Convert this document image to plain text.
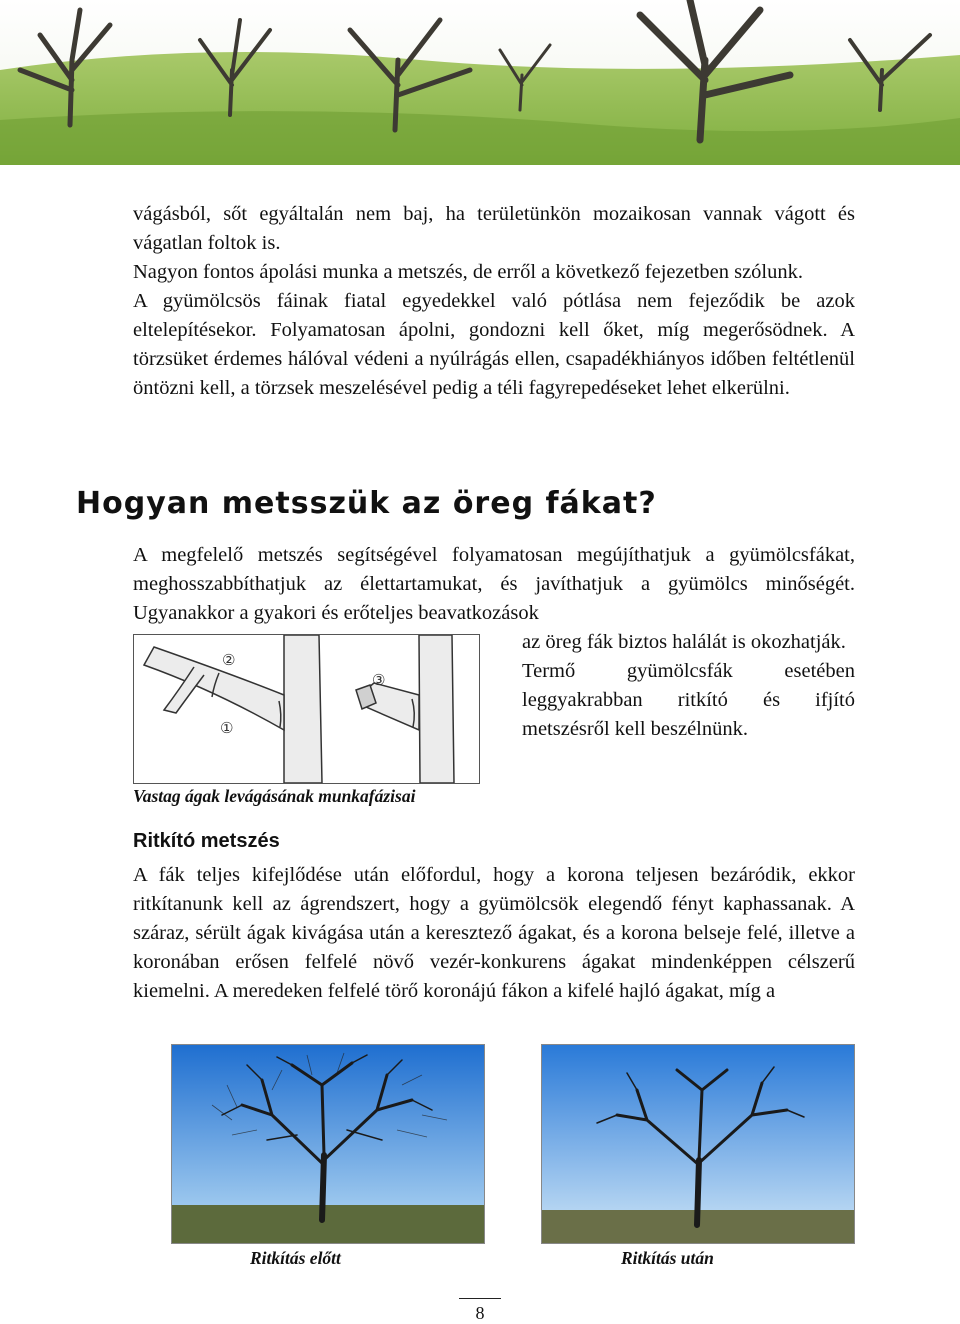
vágásból, sőt egyáltalán nem baj, ha területünkön mozaikosan vannak vágott és vágatlan foltok is.

Nagyon fontos ápolási munka a metszés, de erről a következő fejezetben szólunk.

A gyümölcsös fáinak fiatal egyedekkel való pótlása nem fejeződik be azok eltelepítésekor. Folyamatosan ápolni, gondozni kell őket, míg megerősödnek. A törzsüket érdemes hálóval védeni a nyúlrágás ellen, csapadékhiányos időben feltétlenül öntözni kell, a törzsek meszelésével pedig a téli fagyrepedéseket lehet elkerülni.

Hogyan metsszük az öreg fákat?

A megfelelő metszés segítségével folyamatosan megújíthatjuk a gyümölcsfákat, meghosszabbíthatjuk az élettartamukat, és javíthatjuk a gyümölcs minőségét. Ugyanakkor a gyakori és erőteljes beavatkozások

az öreg fák biztos halálát is okozhatják.

Termő gyümölcsfák esetében leggyakrabban ritkító és ifjító metszésről kell beszélnünk.

②
①
③
Vastag ágak levágásának munkafázisai
Ritkító metszés

A fák teljes kifejlődése után előfordul, hogy a korona teljesen bezáródik, ekkor ritkítanunk kell az ágrendszert, hogy a gyümölcsök elegendő fényt kaphassanak. A száraz, sérült ágak kivágása után a keresztező ágakat, és a korona belseje felé, illetve a koronában erősen felfelé növő vezér-konkurens ágakat mindenképpen célszerű kiemelni. A meredeken felfelé törő koronájú fákon a kifelé hajló ágakat, míg a

Ritkítás előtt	Ritkítás után
8
